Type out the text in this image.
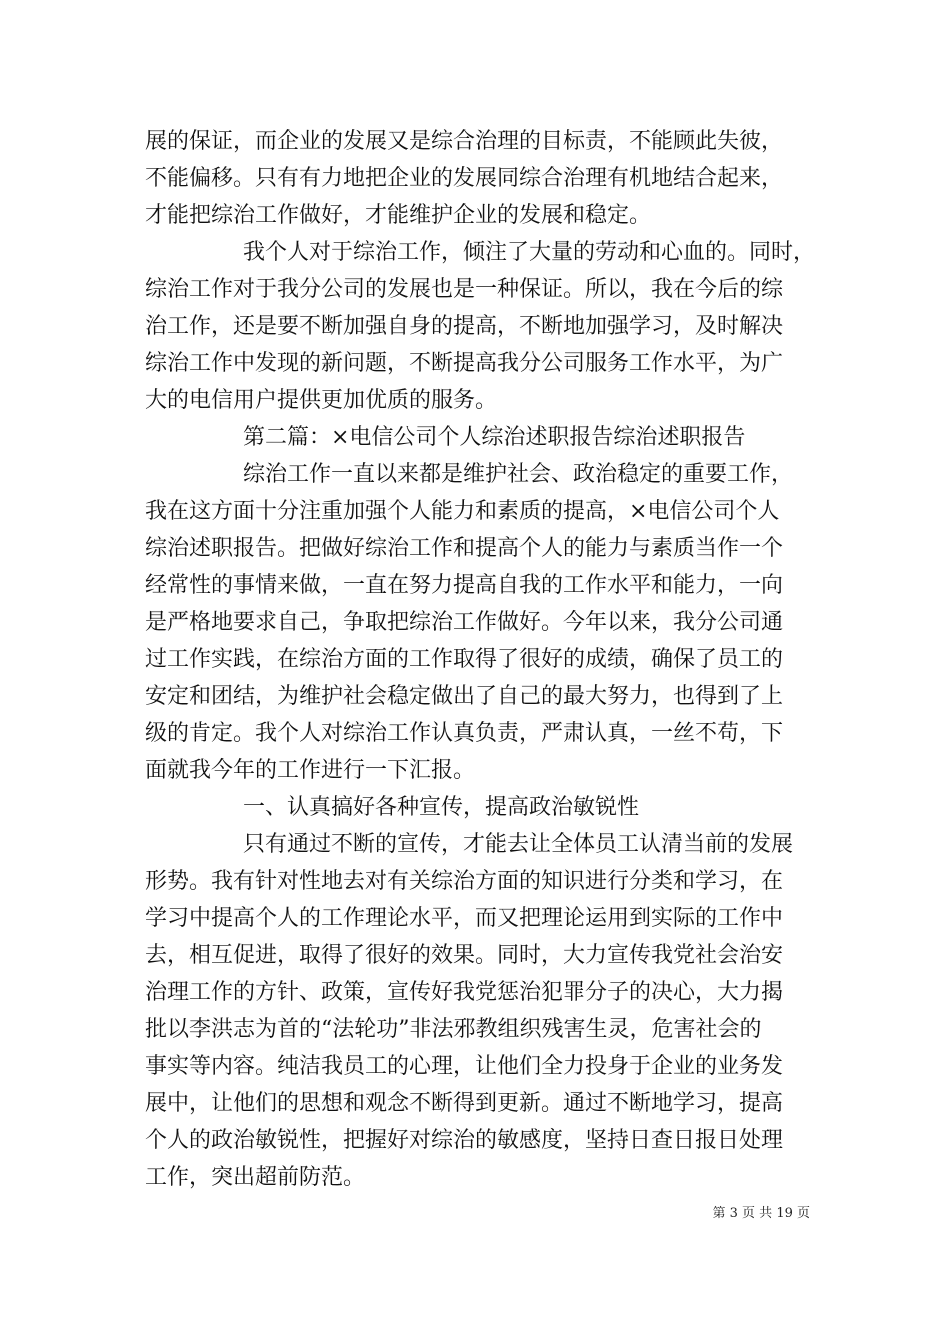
展的保证，而企业的发展又是综合治理的目标责，不能顾此失彼，

不能偏移。只有有力地把企业的发展同综合治理有机地结合起来，

才能把综治工作做好，才能维护企业的发展和稳定。

我个人对于综治工作，倾注了大量的劳动和心血的。同时，

综治工作对于我分公司的发展也是一种保证。所以，我在今后的综

治工作，还是要不断加强自身的提高，不断地加强学习，及时解决

综治工作中发现的新问题，不断提高我分公司服务工作水平，为广

大的电信用户提供更加优质的服务。

第二篇：×电信公司个人综治述职报告综治述职报告

综治工作一直以来都是维护社会、政治稳定的重要工作，

我在这方面十分注重加强个人能力和素质的提高，×电信公司个人

综治述职报告。把做好综治工作和提高个人的能力与素质当作一个

经常性的事情来做，一直在努力提高自我的工作水平和能力，一向

是严格地要求自己，争取把综治工作做好。今年以来，我分公司通

过工作实践，在综治方面的工作取得了很好的成绩，确保了员工的

安定和团结，为维护社会稳定做出了自己的最大努力，也得到了上

级的肯定。我个人对综治工作认真负责，严肃认真，一丝不苟，下

面就我今年的工作进行一下汇报。

一、认真搞好各种宣传，提高政治敏锐性

只有通过不断的宣传，才能去让全体员工认清当前的发展

形势。我有针对性地去对有关综治方面的知识进行分类和学习，在

学习中提高个人的工作理论水平，而又把理论运用到实际的工作中

去，相互促进，取得了很好的效果。同时，大力宣传我党社会治安

治理工作的方针、政策，宣传好我党惩治犯罪分子的决心，大力揭

批以李洪志为首的“法轮功”非法邪教组织残害生灵，危害社会的

事实等内容。纯洁我员工的心理，让他们全力投身于企业的业务发

展中，让他们的思想和观念不断得到更新。通过不断地学习，提高

个人的政治敏锐性，把握好对综治的敏感度，坚持日查日报日处理

工作，突出超前防范。

第 3 页 共 19 页
